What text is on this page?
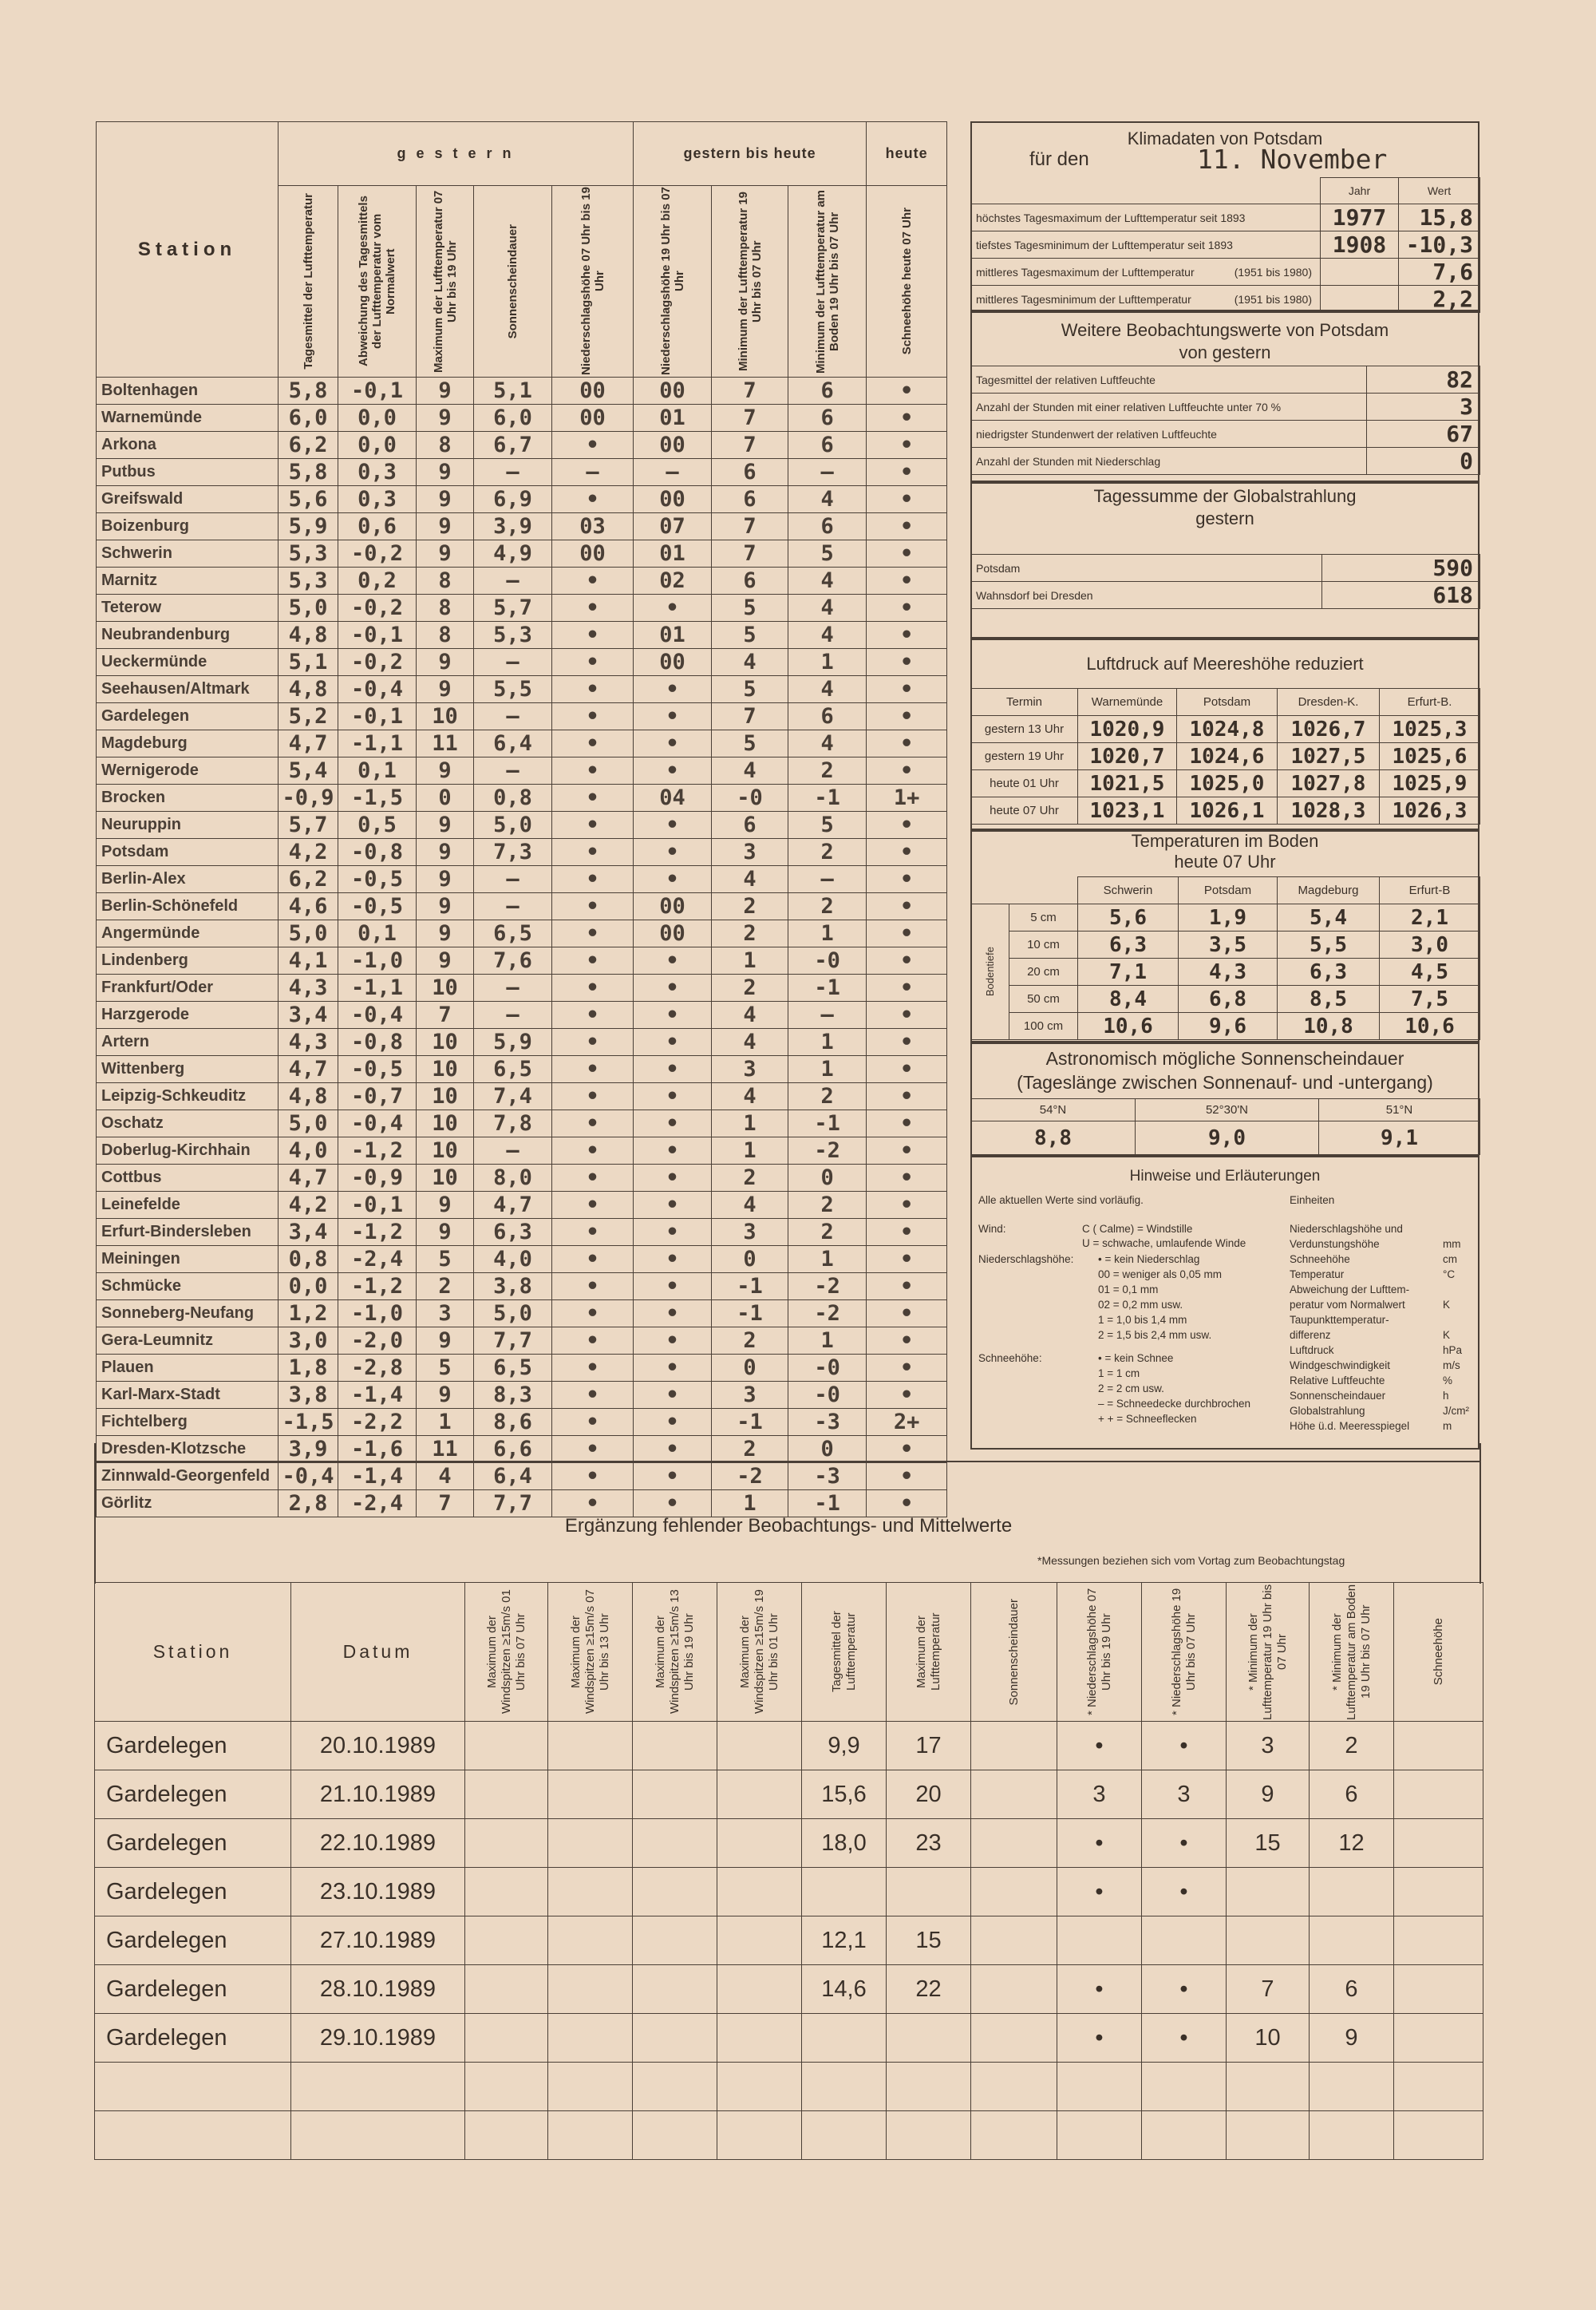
Station	g e s t e r n					gestern bis heute			heute

	Tagesmittel der Lufttemperatur	Abweichung des Tagesmittels der Lufttemperatur vom Normalwert	Maximum der Lufttemperatur 07 Uhr bis 19 Uhr	Sonnenscheindauer	Niederschlagshöhe 07 Uhr bis 19 Uhr	Niederschlagshöhe 19 Uhr bis 07 Uhr	Minimum der Lufttemperatur 19 Uhr bis 07 Uhr	Minimum der Lufttemperatur am Boden 19 Uhr bis 07 Uhr	Schneehöhe heute 07 Uhr

Boltenhagen	5,8	-0,1	9	5,1	00	00	7	6	•
Warnemünde	6,0	0,0	9	6,0	00	01	7	6	•
Arkona	6,2	0,0	8	6,7	•	00	7	6	•
Putbus	5,8	0,3	9	–	–	–	6	–	•
Greifswald	5,6	0,3	9	6,9	•	00	6	4	•
Boizenburg	5,9	0,6	9	3,9	03	07	7	6	•
Schwerin	5,3	-0,2	9	4,9	00	01	7	5	•
Marnitz	5,3	0,2	8	–	•	02	6	4	•
Teterow	5,0	-0,2	8	5,7	•	•	5	4	•
Neubrandenburg	4,8	-0,1	8	5,3	•	01	5	4	•
Ueckermünde	5,1	-0,2	9	–	•	00	4	1	•
Seehausen/Altmark	4,8	-0,4	9	5,5	•	•	5	4	•
Gardelegen	5,2	-0,1	10	–	•	•	7	6	•
Magdeburg	4,7	-1,1	11	6,4	•	•	5	4	•
Wernigerode	5,4	0,1	9	–	•	•	4	2	•
Brocken	-0,9	-1,5	0	0,8	•	04	-0	-1	1+
Neuruppin	5,7	0,5	9	5,0	•	•	6	5	•
Potsdam	4,2	-0,8	9	7,3	•	•	3	2	•
Berlin-Alex	6,2	-0,5	9	–	•	•	4	–	•
Berlin-Schönefeld	4,6	-0,5	9	–	•	00	2	2	•
Angermünde	5,0	0,1	9	6,5	•	00	2	1	•
Lindenberg	4,1	-1,0	9	7,6	•	•	1	-0	•
Frankfurt/Oder	4,3	-1,1	10	–	•	•	2	-1	•
Harzgerode	3,4	-0,4	7	–	•	•	4	–	•
Artern	4,3	-0,8	10	5,9	•	•	4	1	•
Wittenberg	4,7	-0,5	10	6,5	•	•	3	1	•
Leipzig-Schkeuditz	4,8	-0,7	10	7,4	•	•	4	2	•
Oschatz	5,0	-0,4	10	7,8	•	•	1	-1	•
Doberlug-Kirchhain	4,0	-1,2	10	–	•	•	1	-2	•
Cottbus	4,7	-0,9	10	8,0	•	•	2	0	•
Leinefelde	4,2	-0,1	9	4,7	•	•	4	2	•
Erfurt-Bindersleben	3,4	-1,2	9	6,3	•	•	3	2	•
Meiningen	0,8	-2,4	5	4,0	•	•	0	1	•
Schmücke	0,0	-1,2	2	3,8	•	•	-1	-2	•
Sonneberg-Neufang	1,2	-1,0	3	5,0	•	•	-1	-2	•
Gera-Leumnitz	3,0	-2,0	9	7,7	•	•	2	1	•
Plauen	1,8	-2,8	5	6,5	•	•	0	-0	•
Karl-Marx-Stadt	3,8	-1,4	9	8,3	•	•	3	-0	•
Fichtelberg	-1,5	-2,2	1	8,6	•	•	-1	-3	2+
Dresden-Klotzsche	3,9	-1,6	11	6,6	•	•	2	0	•
Zinnwald-Georgenfeld	-0,4	-1,4	4	6,4	•	•	-2	-3	•
Görlitz	2,8	-2,4	7	7,7	•	•	1	-1	•
Klimadaten von Potsdam
für den	11. November
	Jahr	Wert
höchstes Tagesmaximum der Lufttemperatur seit 1893	1977	15,8
tiefstes Tagesminimum der Lufttemperatur seit 1893	1908	-10,3
mittleres Tagesmaximum der Lufttemperatur (1951 bis 1980)		7,6
mittleres Tagesminimum der Lufttemperatur (1951 bis 1980)		2,2
Weitere Beobachtungswerte von Potsdam
von gestern
Tagesmittel der relativen Luftfeuchte	82
Anzahl der Stunden mit einer relativen Luftfeuchte unter 70 %	3
niedrigster Stundenwert der relativen Luftfeuchte	67
Anzahl der Stunden mit Niederschlag	0
Tagessumme der Globalstrahlung
gestern
Potsdam	590
Wahnsdorf bei Dresden	618
Luftdruck auf Meereshöhe reduziert
Termin	Warnemünde	Potsdam	Dresden-K.	Erfurt-B.
gestern 13 Uhr	1020,9	1024,8	1026,7	1025,3
gestern 19 Uhr	1020,7	1024,6	1027,5	1025,6
heute 01 Uhr	1021,5	1025,0	1027,8	1025,9
heute 07 Uhr	1023,1	1026,1	1028,3	1026,3
Temperaturen im Boden
heute 07 Uhr
		Schwerin	Potsdam	Magdeburg	Erfurt-B

Bodentiefe	5 cm	5,6	1,9	5,4	2,1
	10 cm	6,3	3,5	5,5	3,0
	20 cm	7,1	4,3	6,3	4,5
	50 cm	8,4	6,8	8,5	7,5
	100 cm	10,6	9,6	10,8	10,6
Astronomisch mögliche Sonnenscheindauer
(Tageslänge zwischen Sonnenauf- und -untergang)
54°N	52°30'N	51°N
8,8	9,0	9,1
Hinweise und Erläuterungen
Alle aktuellen Werte sind vorläufig.	Einheiten
Wind:	C ( Calme) = Windstille
U = schwache, umlaufende Winde
Niederschlagshöhe: • = kein Niederschlag
00 = weniger als 0,05 mm
01 = 0,1 mm
02 = 0,2 mm usw.
1 = 1,0 bis 1,4 mm
2 = 1,5 bis 2,4 mm usw.
Schneehöhe:	• = kein Schnee
1 = 1 cm
2 = 2 cm usw.
– = Schneedecke durchbrochen
+ + = Schneeflecken
Niederschlagshöhe und
Verdunstungshöhe	mm
Schneehöhe	cm
Temperatur	°C
Abweichung der Lufttem-
peratur vom Normalwert	K
Taupunkttemperatur-
differenz	K
Luftdruck	hPa
Windgeschwindigkeit	m/s
Relative Luftfeuchte	%
Sonnenscheindauer	h
Globalstrahlung	J/cm²
Höhe ü.d. Meeresspiegel	m
Ergänzung fehlender Beobachtungs- und Mittelwerte
*Messungen beziehen sich vom Vortag zum Beobachtungstag
Station	Datum	Maximum der Windspitzen ≥15m/s 01 Uhr bis 07 Uhr	Maximum der Windspitzen ≥15m/s 07 Uhr bis 13 Uhr	Maximum der Windspitzen ≥15m/s 13 Uhr bis 19 Uhr	Maximum der Windspitzen ≥15m/s 19 Uhr bis 01 Uhr	Tagesmittel der Lufttemperatur	Maximum der Lufttemperatur	Sonnenscheindauer	* Niederschlagshöhe 07 Uhr bis 19 Uhr	* Niederschlagshöhe 19 Uhr bis 07 Uhr	* Minimum der Lufttemperatur 19 Uhr bis 07 Uhr	* Minimum der Lufttemperatur am Boden 19 Uhr bis 07 Uhr	Schneehöhe

Gardelegen	20.10.1989					9,9	17		•	•	3	2	
Gardelegen	21.10.1989					15,6	20		3	3	9	6	
Gardelegen	22.10.1989					18,0	23		•	•	15	12	
Gardelegen	23.10.1989								•	•			
Gardelegen	27.10.1989					12,1	15						
Gardelegen	28.10.1989					14,6	22		•	•	7	6	
Gardelegen	29.10.1989								•	•	10	9	
